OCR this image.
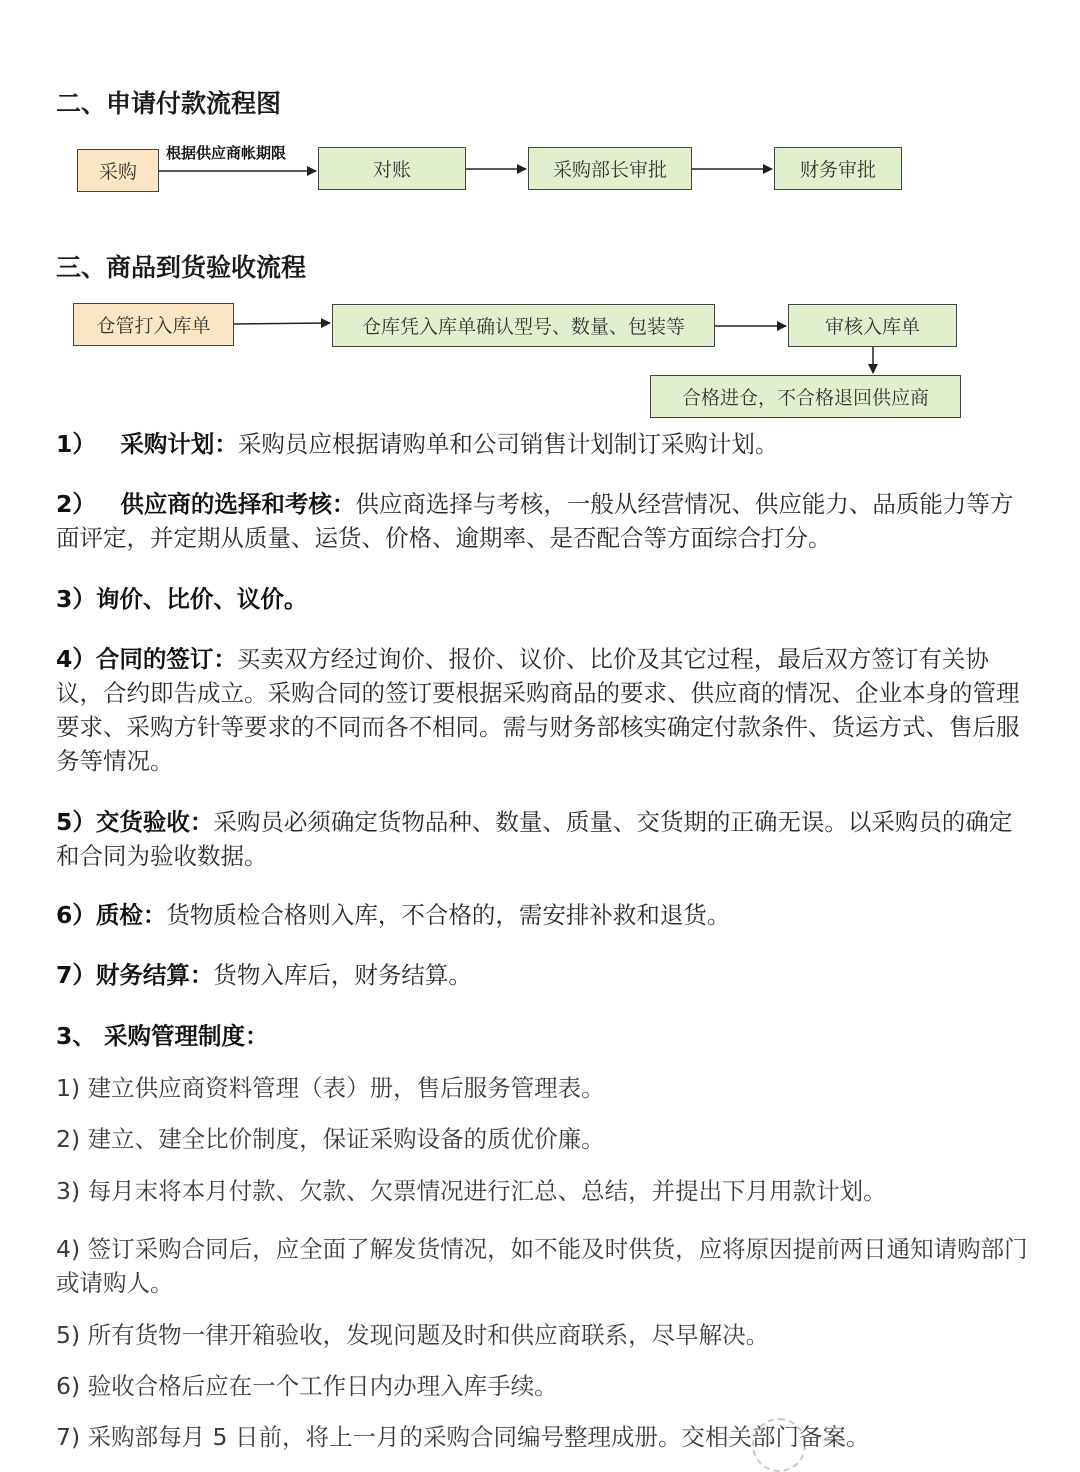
二、申请付款流程图
根据供应商帐期限
采购	对账	采购部长审批	财务审批
三、商品到货验收流程
仓管打入库单	仓库凭入库单确认型号、数量、包装等	审核入库单
合格进仓，不合格退回供应商

1） 采购计划：采购员应根据请购单和公司销售计划制订采购计划。

2） 供应商的选择和考核：供应商选择与考核，一般从经营情况、供应能力、品质能力等方面评定，并定期从质量、运货、价格、逾期率、是否配合等方面综合打分。

3）询价、比价、议价。

4）合同的签订：买卖双方经过询价、报价、议价、比价及其它过程，最后双方签订有关协议，合约即告成立。采购合同的签订要根据采购商品的要求、供应商的情况、企业本身的管理要求、采购方针等要求的不同而各不相同。需与财务部核实确定付款条件、货运方式、售后服务等情况。

5）交货验收：采购员必须确定货物品种、数量、质量、交货期的正确无误。以采购员的确定和合同为验收数据。

6）质检：货物质检合格则入库，不合格的，需安排补救和退货。

7）财务结算：货物入库后，财务结算。

3、 采购管理制度：

1) 建立供应商资料管理（表）册，售后服务管理表。

2) 建立、建全比价制度，保证采购设备的质优价廉。

3) 每月末将本月付款、欠款、欠票情况进行汇总、总结，并提出下月用款计划。

4) 签订采购合同后，应全面了解发货情况，如不能及时供货，应将原因提前两日通知请购部门或请购人。

5) 所有货物一律开箱验收，发现问题及时和供应商联系，尽早解决。

6) 验收合格后应在一个工作日内办理入库手续。

7) 采购部每月 5 日前，将上一月的采购合同编号整理成册。交相关部门备案。
